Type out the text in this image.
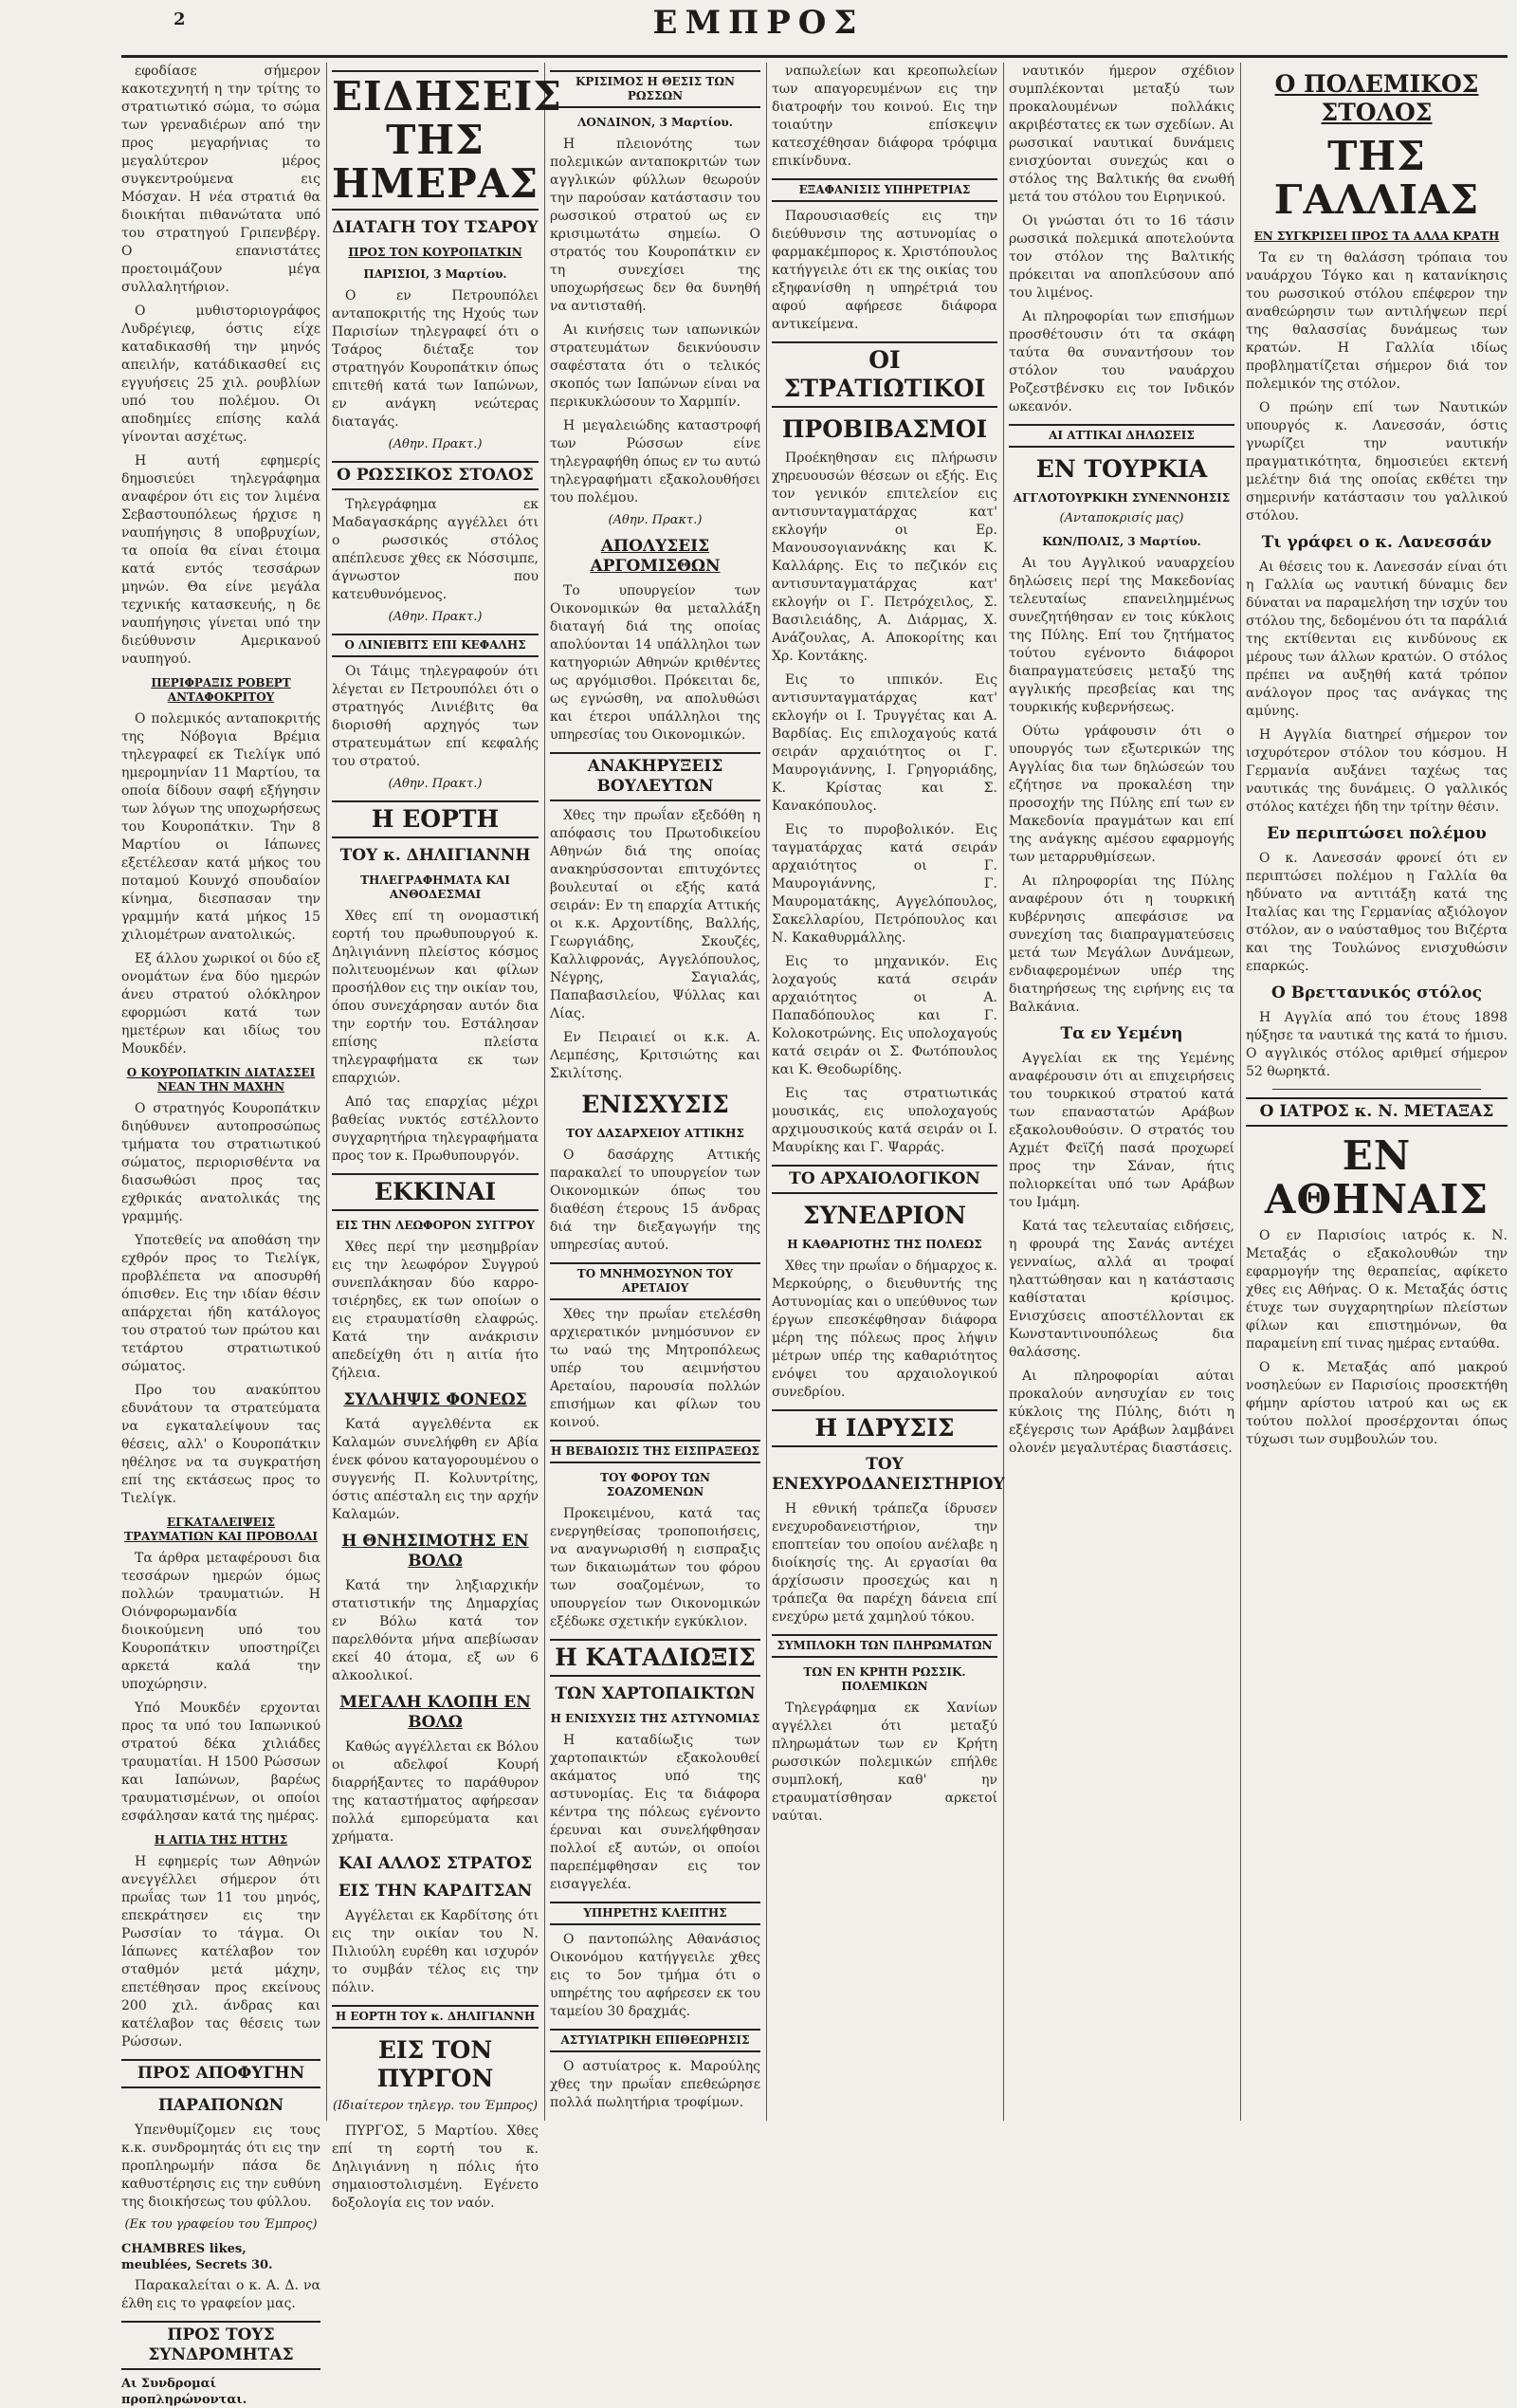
2	ΕΜΠΡΟΣ

εφοδίασε σήμερον κακοτεχνητή η την τρίτης το στρατιωτικό σώμα, το σώμα των γρεναδιέρων από την προς μεγαρήνιας το μεγαλύτερον μέρος συγκεντρούμενα εις Μόσχαν. Η νέα στρατιά θα διοικήται πιθανώτατα υπό του στρατηγού Γριπενβέργ. Ο επανιστάτες προετοιμάζουν μέγα συλλαλητήριον.

Ο μυθιστοριογράφος Λυδρέγιεφ, όστις είχε καταδικασθή την μηνός απειλήν, κατάδικασθεί εις εγγυήσεις 25 χιλ. ρουβλίων υπό του πολέμου. Οι αποδημίες επίσης καλά γίνονται ασχέτως.

Η αυτή εφημερίς δημοσιεύει τηλεγράφημα αναφέρον ότι εις τον λιμένα Σεβαστουπόλεως ήρχισε η ναυπήγησις 8 υποβρυχίων, τα οποία θα είναι έτοιμα κατά εντός τεσσάρων μηνών. Θα είνε μεγάλα τεχνικής κατασκευής, η δε ναυπήγησις γίνεται υπό την διεύθυνσιν Αμερικανού ναυπηγού.

ΠΕΡΙΦΡΑΞΙΣ ΡΟΒΕΡΤ ΑΝΤΑΦΟΚΡΙΤΟΥ

Ο πολεμικός ανταποκριτής της Νόβογια Βρέμια τηλεγραφεί εκ Τιελίγκ υπό ημερομηνίαν 11 Μαρτίου, τα οποία δίδουν σαφή εξήγησιν των λόγων της υποχωρήσεως του Κουροπάτκιν. Την 8 Μαρτίου οι Ιάπωνες εξετέλεσαν κατά μήκος του ποταμού Κουνχό σπουδαίον κίνημα, διεσπασαν την γραμμήν κατά μήκος 15 χιλιομέτρων ανατολικώς.

Εξ άλλου χωρικοί οι δύο εξ ονομάτων ένα δύο ημερών άνευ στρατού ολόκληρον εφορμώσι κατά των ημετέρων και ιδίως του Μουκδέν.

Ο ΚΟΥΡΟΠΑΤΚΙΝ ΔΙΑΤΑΣΣΕΙ ΝΕΑΝ ΤΗΝ ΜΑΧΗΝ

Ο στρατηγός Κουροπάτκιν διηύθυνεν αυτοπροσώπως τμήματα του στρατιωτικού σώματος, περιορισθέντα να διασωθώσι προς τας εχθρικάς ανατολικάς της γραμμής.

Υποτεθείς να αποθάση την εχθρόν προς το Τιελίγκ, προβλέπετα να αποσυρθή όπισθεν. Εις την ιδίαν θέσιν απάρχεται ήδη κατάλογος του στρατού των πρώτου και τετάρτου στρατιωτικού σώματος.

Προ του ανακύπτου εδυνάτουν τα στρατεύματα να εγκαταλείψουν τας θέσεις, αλλ' ο Κουροπάτκιν ηθέλησε να τα συγκρατήση επί της εκτάσεως προς το Τιελίγκ.

ΕΓΚΑΤΑΛΕΙΨΕΙΣ ΤΡΑΥΜΑΤΙΩΝ ΚΑΙ ΠΡΟΒΟΛΑΙ

Τα άρθρα μεταφέρουσι δια τεσσάρων ημερών όμως πολλών τραυματιών. Η Οιόνφορωμανδία διοικούμενη υπό του Κουροπάτκιν υποστηρίζει αρκετά καλά την υποχώρησιν.

Υπό Μουκδέν ερχονται προς τα υπό του Ιαπωνικού στρατού δέκα χιλιάδες τραυματίαι. Η 1500 Ρώσσων και Ιαπώνων, βαρέως τραυματισμένων, οι οποίοι εσφάλησαν κατά της ημέρας.

Η ΑΙΤΙΑ ΤΗΣ ΗΤΤΗΣ

Η εφημερίς των Αθηνών ανεγγέλλει σήμερον ότι πρωΐας των 11 του μηνός, επεκράτησεν εις την Ρωσσίαν το τάγμα. Οι Ιάπωνες κατέλαβον τον σταθμόν μετά μάχην, επετέθησαν προς εκείνους 200 χιλ. άνδρας και κατέλαβον τας θέσεις των Ρώσσων.

ΠΡΟΣ ΑΠΟΦΥΓΗΝ
ΠΑΡΑΠΟΝΩΝ

Υπενθυμίζομεν εις τους κ.κ. συνδρομητάς ότι εις την προπληρωμήν πάσα δε καθυστέρησις εις την ευθύνη της διοικήσεως του φύλλου.

(Εκ του γραφείου του Έμπρος)
CHAMBRES likes, meublées, Secrets 30.

Παρακαλείται ο κ. Α. Δ. να έλθη εις το γραφείον μας.

ΠΡΟΣ ΤΟΥΣ ΣΥΝΔΡΟΜΗΤΑΣ
Αι Συνδρομαί προπληρώνονται.
ΕΙΔΗΣΕΙΣ ΤΗΣ ΗΜΕΡΑΣ
ΔΙΑΤΑΓΗ ΤΟΥ ΤΣΑΡΟΥ
ΠΡΟΣ ΤΟΝ ΚΟΥΡΟΠΑΤΚΙΝ
ΠΑΡΙΣΙΟΙ, 3 Μαρτίου.

Ο εν Πετρουπόλει ανταποκριτής της Ηχούς των Παρισίων τηλεγραφεί ότι ο Τσάρος διέταξε τον στρατηγόν Κουροπάτκιν όπως επιτεθή κατά των Ιαπώνων, εν ανάγκη νεώτερας διαταγάς.

(Αθην. Πρακτ.)
Ο ΡΩΣΣΙΚΟΣ ΣΤΟΛΟΣ

Τηλεγράφημα εκ Μαδαγασκάρης αγγέλλει ότι ο ρωσσικός στόλος απέπλευσε χθες εκ Νόσσιμπε, άγνωστον που κατευθυνόμενος.

(Αθην. Πρακτ.)
Ο ΛΙΝΙΕΒΙΤΣ ΕΠΙ ΚΕΦΑΛΗΣ

Οι Τάιμς τηλεγραφούν ότι λέγεται εν Πετρουπόλει ότι ο στρατηγός Λινιέβιτς θα διορισθή αρχηγός των στρατευμάτων επί κεφαλής του στρατού.

(Αθην. Πρακτ.)
Η ΕΟΡΤΗ
ΤΟΥ κ. ΔΗΛΙΓΙΑΝΝΗ
ΤΗΛΕΓΡΑΦΗΜΑΤΑ ΚΑΙ ΑΝΘΟΔΕΣΜΑΙ

Χθες επί τη ονομαστική εορτή του πρωθυπουργού κ. Δηλιγιάννη πλείστος κόσμος πολιτευομένων και φίλων προσήλθον εις την οικίαν του, όπου συνεχάρησαν αυτόν δια την εορτήν του. Εστάλησαν επίσης πλείστα τηλεγραφήματα εκ των επαρχιών.

Από τας επαρχίας μέχρι βαθείας νυκτός εστέλλοντο συγχαρητήρια τηλεγραφήματα προς τον κ. Πρωθυπουργόν.

ΕΚΚΙΝΑΙ
ΕΙΣ ΤΗΝ ΛΕΩΦΟΡΟΝ ΣΥΓΓΡΟΥ

Χθες περί την μεσημβρίαν εις την λεωφόρον Συγγρού συνεπλάκησαν δύο καρροτσιέρηδες, εκ των οποίων ο εις ετραυματίσθη ελαφρώς. Κατά την ανάκρισιν απεδείχθη ότι η αιτία ήτο ζήλεια.

ΣΥΛΛΗΨΙΣ ΦΟΝΕΩΣ

Κατά αγγελθέντα εκ Καλαμών συνελήφθη εν Αβία ένεκ φόνου καταγορουμένου ο συγγενής Π. Κολυντρίτης, όστις απέσταλη εις την αρχήν Καλαμών.

Η ΘΝΗΣΙΜΟΤΗΣ ΕΝ ΒΟΛΩ

Κατά την ληξιαρχικήν στατιστικήν της Δημαρχίας εν Βόλω κατά τον παρελθόντα μήνα απεβίωσαν εκεί 40 άτομα, εξ ων 6 αλκοολικοί.

ΜΕΓΑΛΗ ΚΛΟΠΗ ΕΝ ΒΟΛΩ

Καθώς αγγέλλεται εκ Βόλου οι αδελφοί Κουρή διαρρήξαντες το παράθυρον της καταστήματος αφήρεσαν πολλά εμπορεύματα και χρήματα.

ΚΑΙ ΑΛΛΟΣ ΣΤΡΑΤΟΣ
ΕΙΣ ΤΗΝ ΚΑΡΔΙΤΣΑΝ

Αγγέλεται εκ Καρδίτσης ότι εις την οικίαν του Ν. Πιλιούλη ευρέθη και ισχυρόν το συμβάν τέλος εις την πόλιν.

Η ΕΟΡΤΗ ΤΟΥ κ. ΔΗΛΙΓΙΑΝΝΗ
ΕΙΣ ΤΟΝ ΠΥΡΓΟΝ
(Ιδιαίτερον τηλεγρ. του Έμπρος)

ΠΥΡΓΟΣ, 5 Μαρτίου. Χθες επί τη εορτή του κ. Δηλιγιάννη η πόλις ήτο σημαιοστολισμένη. Εγένετο δοξολογία εις τον ναόν.

ΚΡΙΣΙΜΟΣ Η ΘΕΣΙΣ ΤΩΝ ΡΩΣΣΩΝ
ΛΟΝΔΙΝΟΝ, 3 Μαρτίου.

Η πλειονότης των πολεμικών ανταποκριτών των αγγλικών φύλλων θεωρούν την παρούσαν κατάστασιν του ρωσσικού στρατού ως εν κρισιμωτάτω σημείω. Ο στρατός του Κουροπάτκιν εν τη συνεχίσει της υποχωρήσεως δεν θα δυνηθή να αντισταθή.

Αι κινήσεις των ιαπωνικών στρατευμάτων δεικνύουσιν σαφέστατα ότι ο τελικός σκοπός των Ιαπώνων είναι να περικυκλώσουν το Χαρμπίν.

Η μεγαλειώδης καταστροφή των Ρώσσων είνε τηλεγραφήθη όπως εν τω αυτώ τηλεγραφήματι εξακολουθήσει του πολέμου.

(Αθην. Πρακτ.)
ΑΠΟΛΥΣΕΙΣ ΑΡΓΟΜΙΣΘΩΝ

Το υπουργείον των Οικονομικών θα μεταλλάξη διαταγή διά της οποίας απολύονται 14 υπάλληλοι των κατηγοριών Αθηνών κριθέντες ως αργόμισθοι. Πρόκειται δε, ως εγνώσθη, να απολυθώσι και έτεροι υπάλληλοι της υπηρεσίας του Οικονομικών.

ΑΝΑΚΗΡΥΞΕΙΣ ΒΟΥΛΕΥΤΩΝ

Χθες την πρωΐαν εξεδόθη η απόφασις του Πρωτοδικείου Αθηνών διά της οποίας ανακηρύσσονται επιτυχόντες βουλευταί οι εξής κατά σειράν: Εν τη επαρχία Αττικής οι κ.κ. Αρχοντίδης, Βαλλής, Γεωργιάδης, Σκουζές, Καλλιφρονάς, Αγγελόπουλος, Νέγρης, Σαγιαλάς, Παπαβασιλείου, Ψύλλας και Λίας.

Εν Πειραιεί οι κ.κ. Α. Λεμπέσης, Κριτσιώτης και Σκιλίτσης.

ΕΝΙΣΧΥΣΙΣ
ΤΟΥ ΔΑΣΑΡΧΕΙΟΥ ΑΤΤΙΚΗΣ

Ο δασάρχης Αττικής παρακαλεί το υπουργείον των Οικονομικών όπως του διαθέση έτερους 15 άνδρας διά την διεξαγωγήν της υπηρεσίας αυτού.

ΤΟ ΜΝΗΜΟΣΥΝΟΝ ΤΟΥ ΑΡΕΤΑΙΟΥ

Χθες την πρωΐαν ετελέσθη αρχιερατικόν μνημόσυνον εν τω ναώ της Μητροπόλεως υπέρ του αειμνήστου Αρεταίου, παρουσία πολλών επισήμων και φίλων του κοινού.

Η ΒΕΒΑΙΩΣΙΣ ΤΗΣ ΕΙΣΠΡΑΞΕΩΣ
ΤΟΥ ΦΟΡΟΥ ΤΩΝ ΣΟΑΖΟΜΕΝΩΝ

Προκειμένου, κατά τας ενεργηθείσας τροποποιήσεις, να αναγνωρισθή η εισπραξις των δικαιωμάτων του φόρου των σοαζομένων, το υπουργείον των Οικονομικών εξέδωκε σχετικήν εγκύκλιον.

Η ΚΑΤΑΔΙΩΞΙΣ
ΤΩΝ ΧΑΡΤΟΠΑΙΚΤΩΝ
Η ΕΝΙΣΧΥΣΙΣ ΤΗΣ ΑΣΤΥΝΟΜΙΑΣ

Η καταδίωξις των χαρτοπαικτών εξακολουθεί ακάματος υπό της αστυνομίας. Εις τα διάφορα κέντρα της πόλεως εγένοντο έρευναι και συνελήφθησαν πολλοί εξ αυτών, οι οποίοι παρεπέμφθησαν εις τον εισαγγελέα.

ΥΠΗΡΕΤΗΣ ΚΛΕΠΤΗΣ

Ο παντοπώλης Αθανάσιος Οικονόμου κατήγγειλε χθες εις το 5ον τμήμα ότι ο υπηρέτης του αφήρεσεν εκ του ταμείου 30 δραχμάς.

ΑΣΤΥΙΑΤΡΙΚΗ ΕΠΙΘΕΩΡΗΣΙΣ

Ο αστυίατρος κ. Μαρούλης χθες την πρωΐαν επεθεώρησε πολλά πωλητήρια τροφίμων.

ναπωλείων και κρεοπωλείων των απαγορευμένων εις την διατροφήν του κοινού. Εις την τοιαύτην επίσκεψιν κατεσχέθησαν διάφορα τρόφιμα επικίνδυνα.

ΕΞΑΦΑΝΙΣΙΣ ΥΠΗΡΕΤΡΙΑΣ

Παρουσιασθείς εις την διεύθυνσιν της αστυνομίας ο φαρμακέμπορος κ. Χριστόπουλος κατήγγειλε ότι εκ της οικίας του εξηφανίσθη η υπηρέτριά του αφού αφήρεσε διάφορα αντικείμενα.

ΟΙ ΣΤΡΑΤΙΩΤΙΚΟΙ
ΠΡΟΒΙΒΑΣΜΟΙ

Προέκηθησαν εις πλήρωσιν χηρευουσών θέσεων οι εξής. Εις τον γενικόν επιτελείον εις αντισυνταγματάρχας κατ' εκλογήν οι Ερ. Μανουσογιαννάκης και Κ. Καλλάρης. Εις το πεζικόν εις αντισυνταγματάρχας κατ' εκλογήν οι Γ. Πετρόχειλος, Σ. Βασιλειάδης, Α. Διάρμας, Χ. Ανάζουλας, Α. Αποκορίτης και Χρ. Κοντάκης.

Εις το ιππικόν. Εις αντισυνταγματάρχας κατ' εκλογήν οι Ι. Τρυγγέτας και Α. Βαρδίας. Εις επιλοχαγούς κατά σειράν αρχαιότητος οι Γ. Μαυρογιάννης, Ι. Γρηγοριάδης, Κ. Κρίστας και Σ. Κανακόπουλος.

Εις το πυροβολικόν. Εις ταγματάρχας κατά σειράν αρχαιότητος οι Γ. Μαυρογιάννης, Γ. Μαυροματάκης, Αγγελόπουλος, Σακελλαρίου, Πετρόπουλος και Ν. Κακαθυρμάλλης.

Εις το μηχανικόν. Εις λοχαγούς κατά σειράν αρχαιότητος οι Α. Παπαδόπουλος και Γ. Κολοκοτρώνης. Εις υπολοχαγούς κατά σειράν οι Σ. Φωτόπουλος και Κ. Θεοδωρίδης.

Εις τας στρατιωτικάς μουσικάς, εις υπολοχαγούς αρχιμουσικούς κατά σειράν οι Ι. Μαυρίκης και Γ. Ψαρράς.

ΤΟ ΑΡΧΑΙΟΛΟΓΙΚΟΝ
ΣΥΝΕΔΡΙΟΝ
Η ΚΑΘΑΡΙΟΤΗΣ ΤΗΣ ΠΟΛΕΩΣ

Χθες την πρωΐαν ο δήμαρχος κ. Μερκούρης, ο διευθυντής της Αστυνομίας και ο υπεύθυνος των έργων επεσκέφθησαν διάφορα μέρη της πόλεως προς λήψιν μέτρων υπέρ της καθαριότητος ενόψει του αρχαιολογικού συνεδρίου.

Η ΙΔΡΥΣΙΣ
ΤΟΥ ΕΝΕΧΥΡΟΔΑΝΕΙΣΤΗΡΙΟΥ

Η εθνική τράπεζα ίδρυσεν ενεχυροδανειστήριον, την εποπτείαν του οποίου ανέλαβε η διοίκησίς της. Αι εργασίαι θα άρχίσωσιν προσεχώς και η τράπεζα θα παρέχη δάνεια επί ενεχύρω μετά χαμηλού τόκου.

ΣΥΜΠΛΟΚΗ ΤΩΝ ΠΛΗΡΩΜΑΤΩΝ
ΤΩΝ ΕΝ ΚΡΗΤΗ ΡΩΣΣΙΚ. ΠΟΛΕΜΙΚΩΝ

Τηλεγράφημα εκ Χανίων αγγέλλει ότι μεταξύ πληρωμάτων των εν Κρήτη ρωσσικών πολεμικών επήλθε συμπλοκή, καθ' ην ετραυματίσθησαν αρκετοί ναύται.

ναυτικόν ήμερον σχέδιον συμπλέκονται μεταξύ των προκαλουμένων πολλάκις ακριβέστατες εκ των σχεδίων. Αι ρωσσικαί ναυτικαί δυνάμεις ενισχύονται συνεχώς και ο στόλος της Βαλτικής θα ενωθή μετά του στόλου του Ειρηνικού.

Οι γνώσται ότι το 16 τάσιν ρωσσικά πολεμικά αποτελούντα τον στόλον της Βαλτικής πρόκειται να αποπλεύσουν από του λιμένος.

Αι πληροφορίαι των επισήμων προσθέτουσιν ότι τα σκάφη ταύτα θα συναντήσουν τον στόλον του ναυάρχου Ροζεστβένσκυ εις τον Ινδικόν ωκεανόν.

ΑΙ ΑΤΤΙΚΑΙ ΔΗΛΩΣΕΙΣ
ΕΝ ΤΟΥΡΚΙΑ
ΑΓΓΛΟΤΟΥΡΚΙΚΗ ΣΥΝΕΝΝΟΗΣΙΣ
(Ανταποκρισίς μας)
ΚΩΝ/ΠΟΛΙΣ, 3 Μαρτίου.

Αι του Αγγλικού ναυαρχείου δηλώσεις περί της Μακεδονίας τελευταίως επανειλημμένως συνεζητήθησαν εν τοις κύκλοις της Πύλης. Επί του ζητήματος τούτου εγένοντο διάφοροι διαπραγματεύσεις μεταξύ της αγγλικής πρεσβείας και της τουρκικής κυβερνήσεως.

Ούτω γράφουσιν ότι ο υπουργός των εξωτερικών της Αγγλίας δια των δηλώσεών του εζήτησε να προκαλέση την προσοχήν της Πύλης επί των εν Μακεδονία πραγμάτων και επί της ανάγκης αμέσου εφαρμογής των μεταρρυθμίσεων.

Αι πληροφορίαι της Πύλης αναφέρουν ότι η τουρκική κυβέρνησις απεφάσισε να συνεχίση τας διαπραγματεύσεις μετά των Μεγάλων Δυνάμεων, ενδιαφερομένων υπέρ της διατηρήσεως της ειρήνης εις τα Βαλκάνια.

Τα εν Υεμένη

Αγγελίαι εκ της Υεμένης αναφέρουσιν ότι αι επιχειρήσεις του τουρκικού στρατού κατά των επαναστατών Αράβων εξακολουθούσιν. Ο στρατός του Αχμέτ Φεϊζή πασά προχωρεί προς την Σάναν, ήτις πολιορκείται υπό των Αράβων του Ιμάμη.

Κατά τας τελευταίας ειδήσεις, η φρουρά της Σανάς αντέχει γενναίως, αλλά αι τροφαί ηλαττώθησαν και η κατάστασις καθίσταται κρίσιμος. Ενισχύσεις αποστέλλονται εκ Κωνσταντινουπόλεως δια θαλάσσης.

Αι πληροφορίαι αύται προκαλούν ανησυχίαν εν τοις κύκλοις της Πύλης, διότι η εξέγερσις των Αράβων λαμβάνει ολονέν μεγαλυτέρας διαστάσεις.

Ο ΠΟΛΕΜΙΚΟΣ ΣΤΟΛΟΣ
ΤΗΣ ΓΑΛΛΙΑΣ
ΕΝ ΣΥΓΚΡΙΣΕΙ ΠΡΟΣ ΤΑ ΑΛΛΑ ΚΡΑΤΗ

Τα εν τη θαλάσση τρόπαια του ναυάρχου Τόγκο και η κατανίκησις του ρωσσικού στόλου επέφερον την αναθεώρησιν των αντιλήψεων περί της θαλασσίας δυνάμεως των κρατών. Η Γαλλία ιδίως προβληματίζεται σήμερον διά τον πολεμικόν της στόλον.

Ο πρώην επί των Ναυτικών υπουργός κ. Λανεσσάν, όστις γνωρίζει την ναυτικήν πραγματικότητα, δημοσιεύει εκτενή μελέτην διά της οποίας εκθέτει την σημερινήν κατάστασιν του γαλλικού στόλου.

Τι γράφει ο κ. Λανεσσάν

Αι θέσεις του κ. Λανεσσάν είναι ότι η Γαλλία ως ναυτική δύναμις δεν δύναται να παραμελήση την ισχύν του στόλου της, δεδομένου ότι τα παράλιά της εκτίθενται εις κινδύνους εκ μέρους των άλλων κρατών. Ο στόλος πρέπει να αυξηθή κατά τρόπον ανάλογον προς τας ανάγκας της αμύνης.

Η Αγγλία διατηρεί σήμερον τον ισχυρότερον στόλον του κόσμου. Η Γερμανία αυξάνει ταχέως τας ναυτικάς της δυνάμεις. Ο γαλλικός στόλος κατέχει ήδη την τρίτην θέσιν.

Εν περιπτώσει πολέμου

Ο κ. Λανεσσάν φρονεί ότι εν περιπτώσει πολέμου η Γαλλία θα ηδύνατο να αντιτάξη κατά της Ιταλίας και της Γερμανίας αξιόλογον στόλον, αν ο ναύσταθμος του Βιζέρτα και της Τουλώνος ενισχυθώσιν επαρκώς.

Ο Βρεττανικός στόλος

Η Αγγλία από του έτους 1898 ηύξησε τα ναυτικά της κατά το ήμισυ. Ο αγγλικός στόλος αριθμεί σήμερον 52 θωρηκτά.

Ο ΙΑΤΡΟΣ κ. Ν. ΜΕΤΑΞΑΣ
ΕΝ ΑΘΗΝΑΙΣ

Ο εν Παρισίοις ιατρός κ. Ν. Μεταξάς ο εξακολουθών την εφαρμογήν της θεραπείας, αφίκετο χθες εις Αθήνας. Ο κ. Μεταξάς όστις έτυχε των συγχαρητηρίων πλείστων φίλων και επιστημόνων, θα παραμείνη επί τινας ημέρας ενταύθα.

Ο κ. Μεταξάς από μακρού νοσηλεύων εν Παρισίοις προσεκτήθη φήμην αρίστου ιατρού και ως εκ τούτου πολλοί προσέρχονται όπως τύχωσι των συμβουλών του.
